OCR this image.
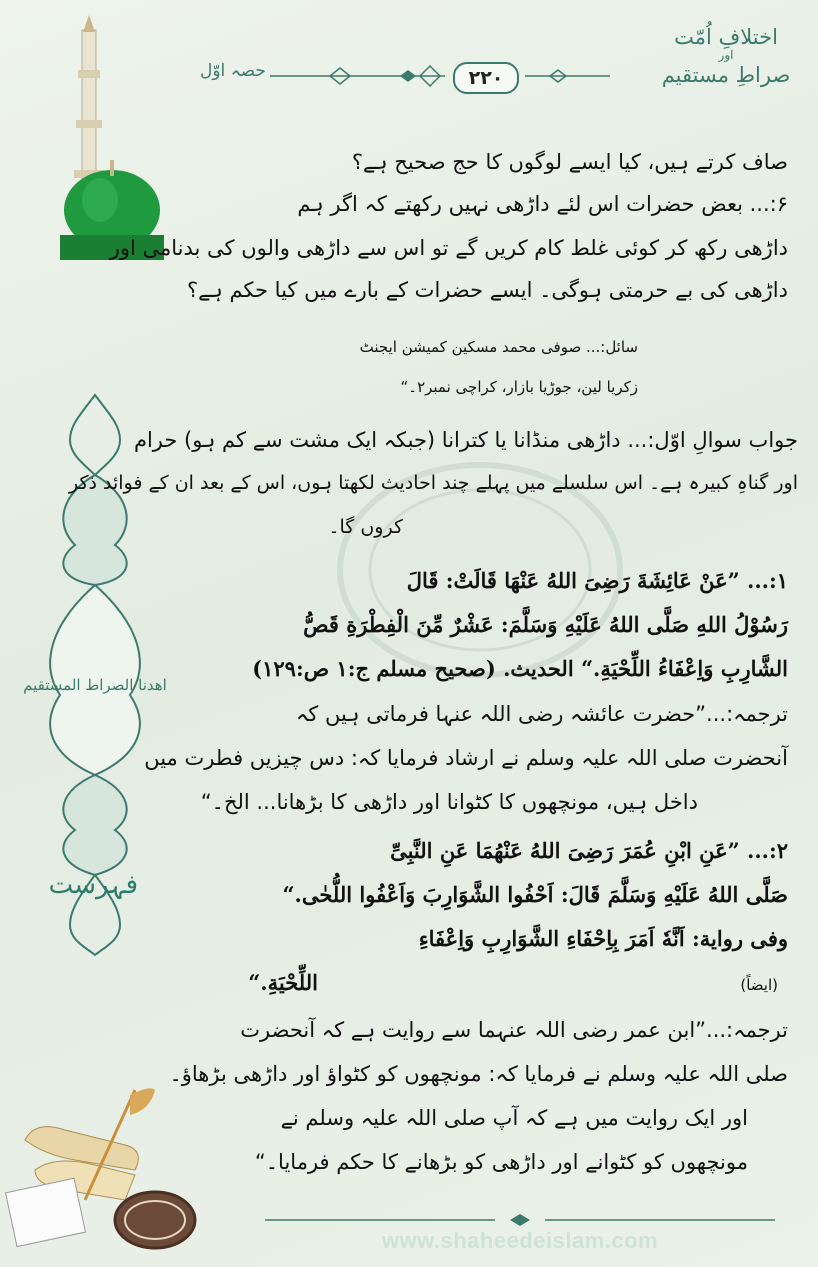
اختلافِ اُمّت
اور
صراطِ مستقیم
حصہ اوّل	۲۲۰
اهدنا الصراط المستقيم
فہرست
صاف کرتے ہیں، کیا ایسے لوگوں کا حج صحیح ہے؟
۶:... بعض حضرات اس لئے داڑھی نہیں رکھتے کہ اگر ہم
داڑھی رکھ کر کوئی غلط کام کریں گے تو اس سے داڑھی والوں کی بدنامی اور
داڑھی کی بے حرمتی ہوگی۔ ایسے حضرات کے بارے میں کیا حکم ہے؟
سائل:... صوفی محمد مسکین کمیشن ایجنٹ
زکریا لین، جوڑیا بازار، کراچی نمبر۲۔“
جواب سوالِ اوّل:... داڑھی منڈانا یا کترانا (جبکہ ایک مشت سے کم ہو) حرام
اور گناہِ کبیرہ ہے۔ اس سلسلے میں پہلے چند احادیث لکھتا ہوں، اس کے بعد ان کے فوائد ذکر
کروں گا۔
۱:... ”عَنْ عَائِشَةَ رَضِیَ اللهُ عَنْهَا قَالَتْ: قَالَ
رَسُوْلُ اللهِ صَلَّی اللهُ عَلَیْهِ وَسَلَّمَ: عَشْرٌ مِّنَ الْفِطْرَةِ قَصُّ
الشَّارِبِ وَاِعْفَاءُ اللِّحْیَةِ.“ الحدیث. (صحیح مسلم ج:۱ ص:۱۲۹)
ترجمہ:...”حضرت عائشہ رضی اللہ عنہا فرماتی ہیں کہ
آنحضرت صلی اللہ علیہ وسلم نے ارشاد فرمایا کہ: دس چیزیں فطرت میں
داخل ہیں، مونچھوں کا کٹوانا اور داڑھی کا بڑھانا... الخ۔“
۲:... ”عَنِ ابْنِ عُمَرَ رَضِیَ اللهُ عَنْهُمَا عَنِ النَّبِیِّ
صَلَّی اللهُ عَلَیْهِ وَسَلَّمَ قَالَ: اَحْفُوا الشَّوَارِبَ وَاَعْفُوا اللُّحٰی.“
وفی روایة: اَنَّهٗ اَمَرَ بِاِحْفَاءِ الشَّوَارِبِ وَاِعْفَاءِ
اللِّحْیَةِ.“	(ایضاً)
ترجمہ:...”ابن عمر رضی اللہ عنہما سے روایت ہے کہ آنحضرت
صلی اللہ علیہ وسلم نے فرمایا کہ: مونچھوں کو کٹواؤ اور داڑھی بڑھاؤ۔
اور ایک روایت میں ہے کہ آپ صلی اللہ علیہ وسلم نے
مونچھوں کو کٹوانے اور داڑھی کو بڑھانے کا حکم فرمایا۔“
www.shaheedeislam.com
